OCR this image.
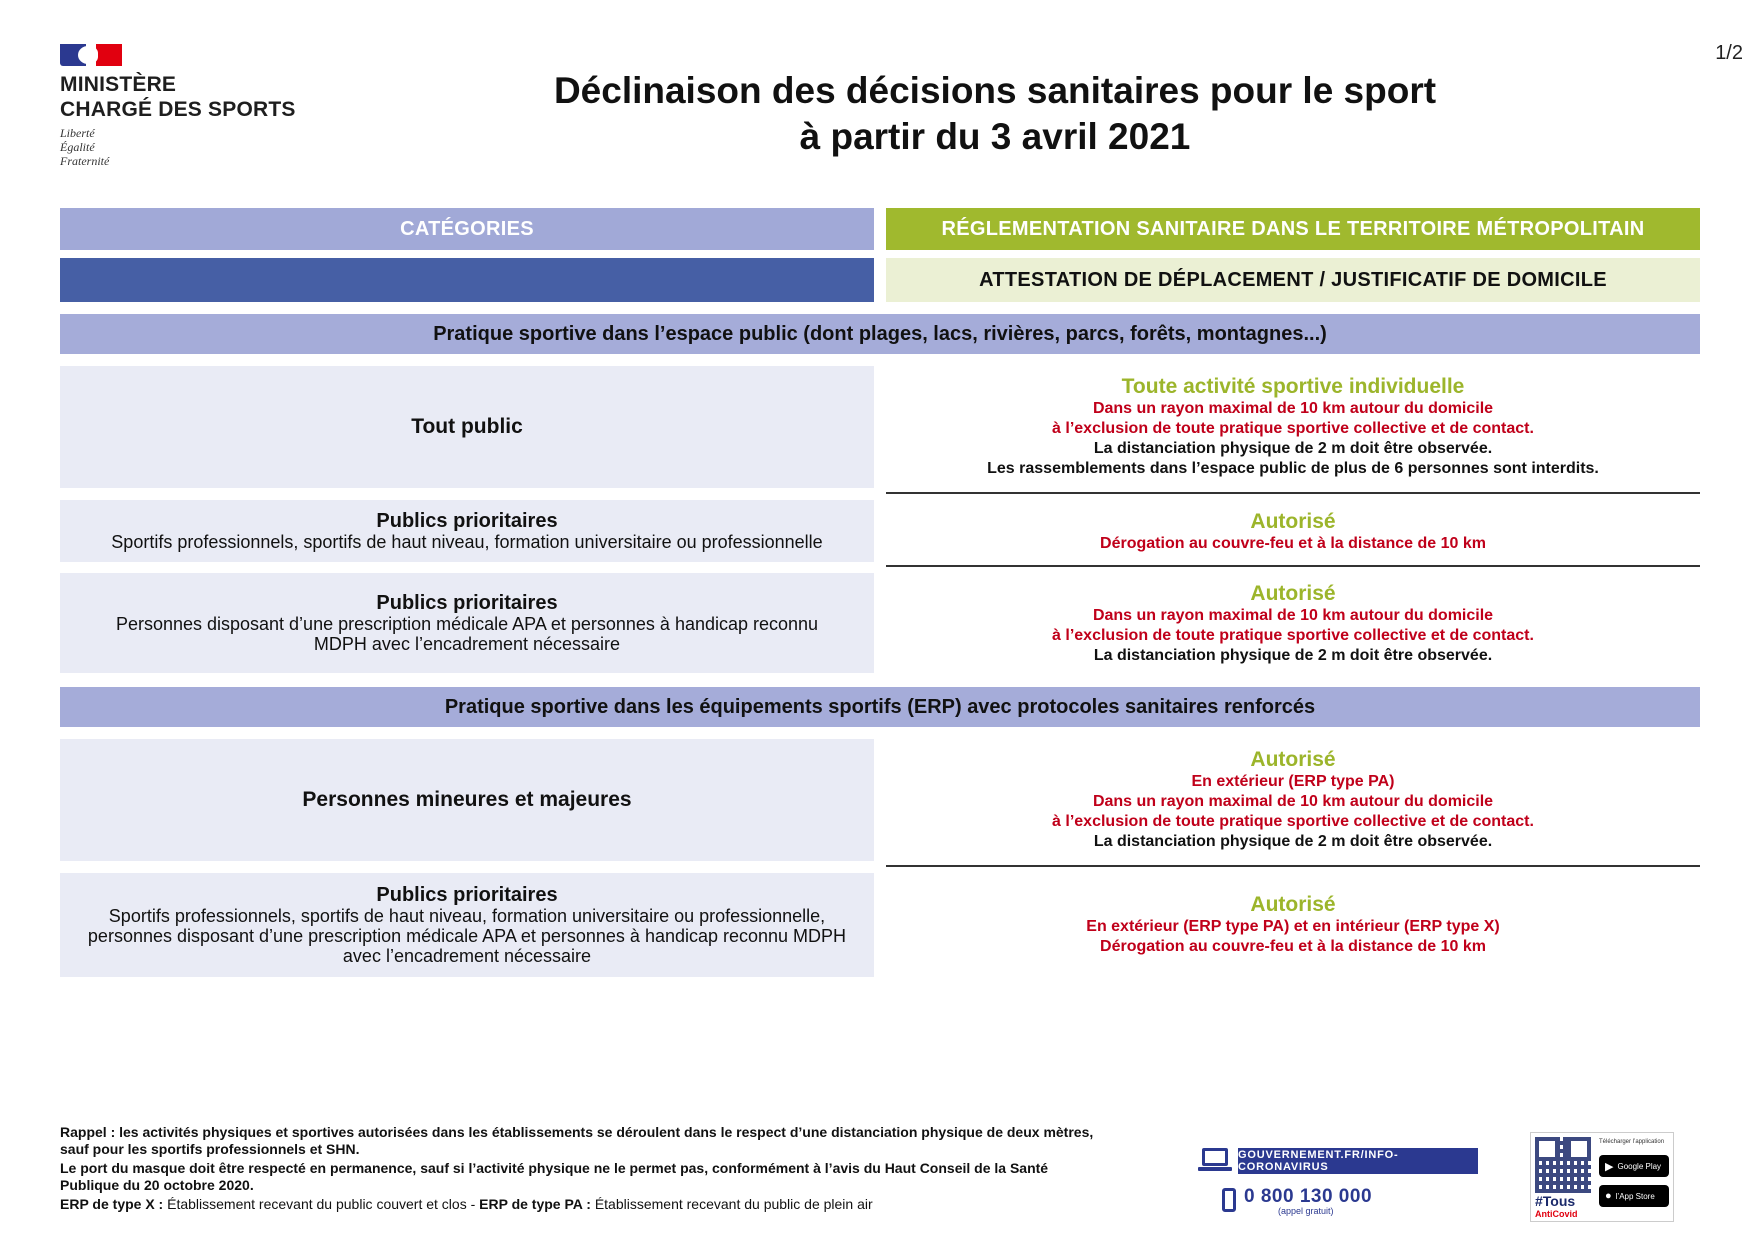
1/2
MINISTÈRE
CHARGÉ DES SPORTS
Liberté
Égalité
Fraternité
Déclinaison des décisions sanitaires pour le sport
à partir du 3 avril 2021
CATÉGORIES	RÉGLEMENTATION SANITAIRE DANS LE TERRITOIRE MÉTROPOLITAIN
ATTESTATION DE DÉPLACEMENT / JUSTIFICATIF DE DOMICILE
Pratique sportive dans l’espace public (dont plages, lacs, rivières, parcs, forêts, montagnes...)
Tout public
Toute activité sportive individuelle
Dans un rayon maximal de 10 km autour du domicile
à l’exclusion de toute pratique sportive collective et de contact.
La distanciation physique de 2 m doit être observée.
Les rassemblements dans l’espace public de plus de 6 personnes sont interdits.
Publics prioritaires
Sportifs professionnels, sportifs de haut niveau, formation universitaire ou professionnelle
Autorisé
Dérogation au couvre-feu et à la distance de 10 km
Publics prioritaires
Personnes disposant d’une prescription médicale APA et personnes à handicap reconnu
MDPH avec l’encadrement nécessaire
Autorisé
Dans un rayon maximal de 10 km autour du domicile
à l’exclusion de toute pratique sportive collective et de contact.
La distanciation physique de 2 m doit être observée.
Pratique sportive dans les équipements sportifs (ERP) avec protocoles sanitaires renforcés
Personnes mineures et majeures
Autorisé
En extérieur (ERP type PA)
Dans un rayon maximal de 10 km autour du domicile
à l’exclusion de toute pratique sportive collective et de contact.
La distanciation physique de 2 m doit être observée.
Publics prioritaires
Sportifs professionnels, sportifs de haut niveau, formation universitaire ou professionnelle,
personnes disposant d’une prescription médicale APA et personnes à handicap reconnu MDPH
avec l’encadrement nécessaire
Autorisé
En extérieur (ERP type PA) et en intérieur (ERP type X)
Dérogation au couvre-feu et à la distance de 10 km

Rappel : les activités physiques et sportives autorisées dans les établissements se déroulent dans le respect d’une distanciation physique de deux mètres,
sauf pour les sportifs professionnels et SHN.

Le port du masque doit être respecté en permanence, sauf si l’activité physique ne le permet pas, conformément à l’avis du Haut Conseil de la Santé
Publique du 20 octobre 2020.

ERP de type X : Établissement recevant du public couvert et clos - ERP de type PA : Établissement recevant du public de plein air

GOUVERNEMENT.FR/INFO-CORONAVIRUS
0 800 130 000
(appel gratuit)
#Tous
AntiCovid
Télécharger l’application
▶ Google Play
● l’App Store
